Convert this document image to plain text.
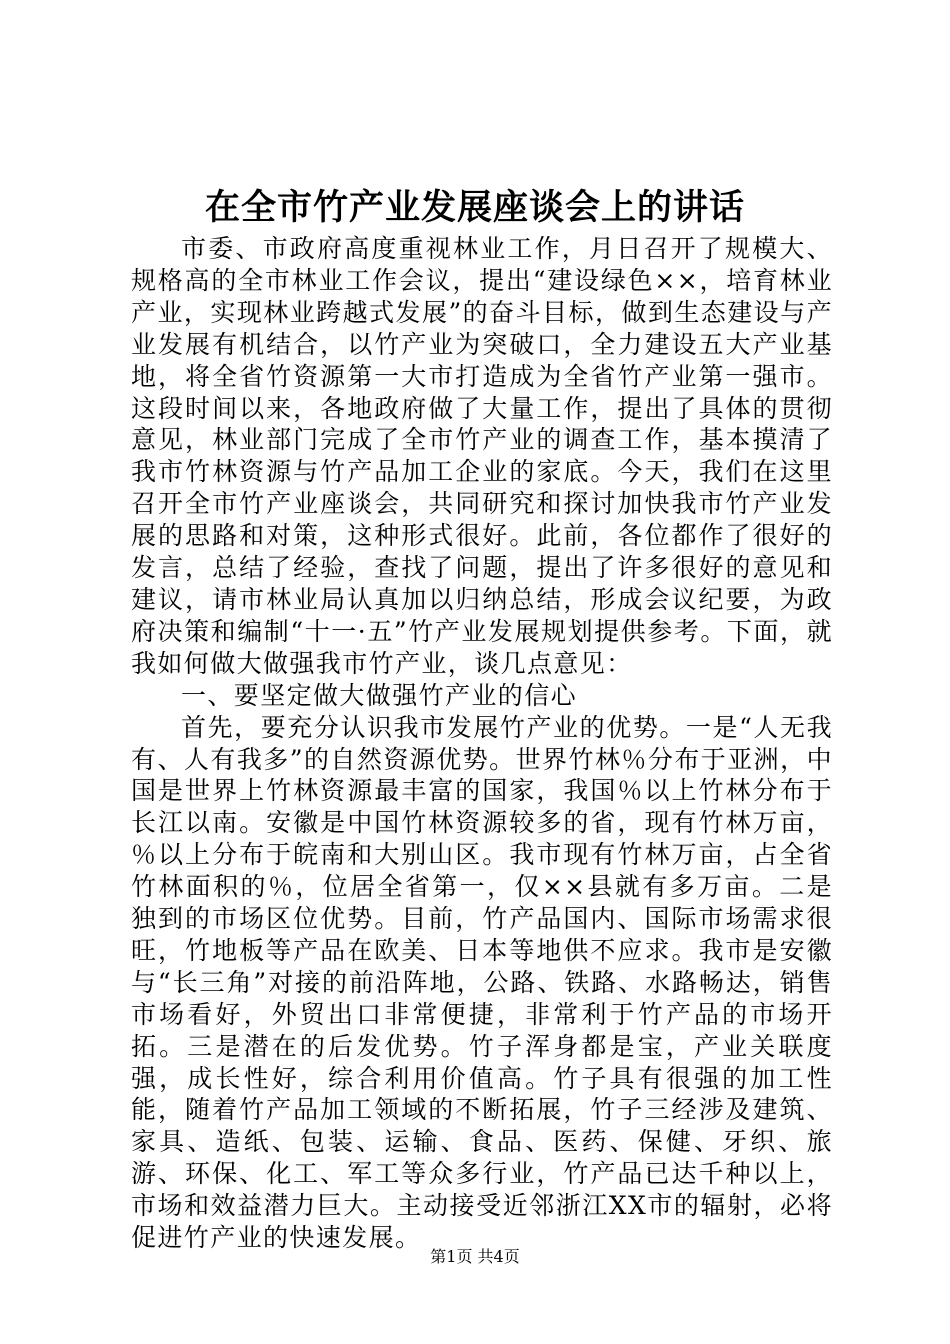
在全市竹产业发展座谈会上的讲话

市委、市政府高度重视林业工作，月日召开了规模大、规格高的全市林业工作会议，提出“建设绿色××，培育林业产业，实现林业跨越式发展”的奋斗目标，做到生态建设与产业发展有机结合，以竹产业为突破口，全力建设五大产业基地，将全省竹资源第一大市打造成为全省竹产业第一强市。这段时间以来，各地政府做了大量工作，提出了具体的贯彻意见，林业部门完成了全市竹产业的调查工作，基本摸清了我市竹林资源与竹产品加工企业的家底。今天，我们在这里召开全市竹产业座谈会，共同研究和探讨加快我市竹产业发展的思路和对策，这种形式很好。此前，各位都作了很好的发言，总结了经验，查找了问题，提出了许多很好的意见和建议，请市林业局认真加以归纳总结，形成会议纪要，为政府决策和编制“十一·五”竹产业发展规划提供参考。下面，就我如何做大做强我市竹产业，谈几点意见：

一、要坚定做大做强竹产业的信心

首先，要充分认识我市发展竹产业的优势。一是“人无我有、人有我多”的自然资源优势。世界竹林％分布于亚洲，中国是世界上竹林资源最丰富的国家，我国％以上竹林分布于长江以南。安徽是中国竹林资源较多的省，现有竹林万亩，％以上分布于皖南和大别山区。我市现有竹林万亩，占全省竹林面积的％，位居全省第一，仅××县就有多万亩。二是独到的市场区位优势。目前，竹产品国内、国际市场需求很旺，竹地板等产品在欧美、日本等地供不应求。我市是安徽与“长三角”对接的前沿阵地，公路、铁路、水路畅达，销售市场看好，外贸出口非常便捷，非常利于竹产品的市场开拓。三是潜在的后发优势。竹子浑身都是宝，产业关联度强，成长性好，综合利用价值高。竹子具有很强的加工性能，随着竹产品加工领域的不断拓展，竹子三经涉及建筑、家具、造纸、包装、运输、食品、医药、保健、牙织、旅游、环保、化工、军工等众多行业，竹产品已达千种以上，市场和效益潜力巨大。主动接受近邻浙江XX市的辐射，必将促进竹产业的快速发展。

第1页 共4页
